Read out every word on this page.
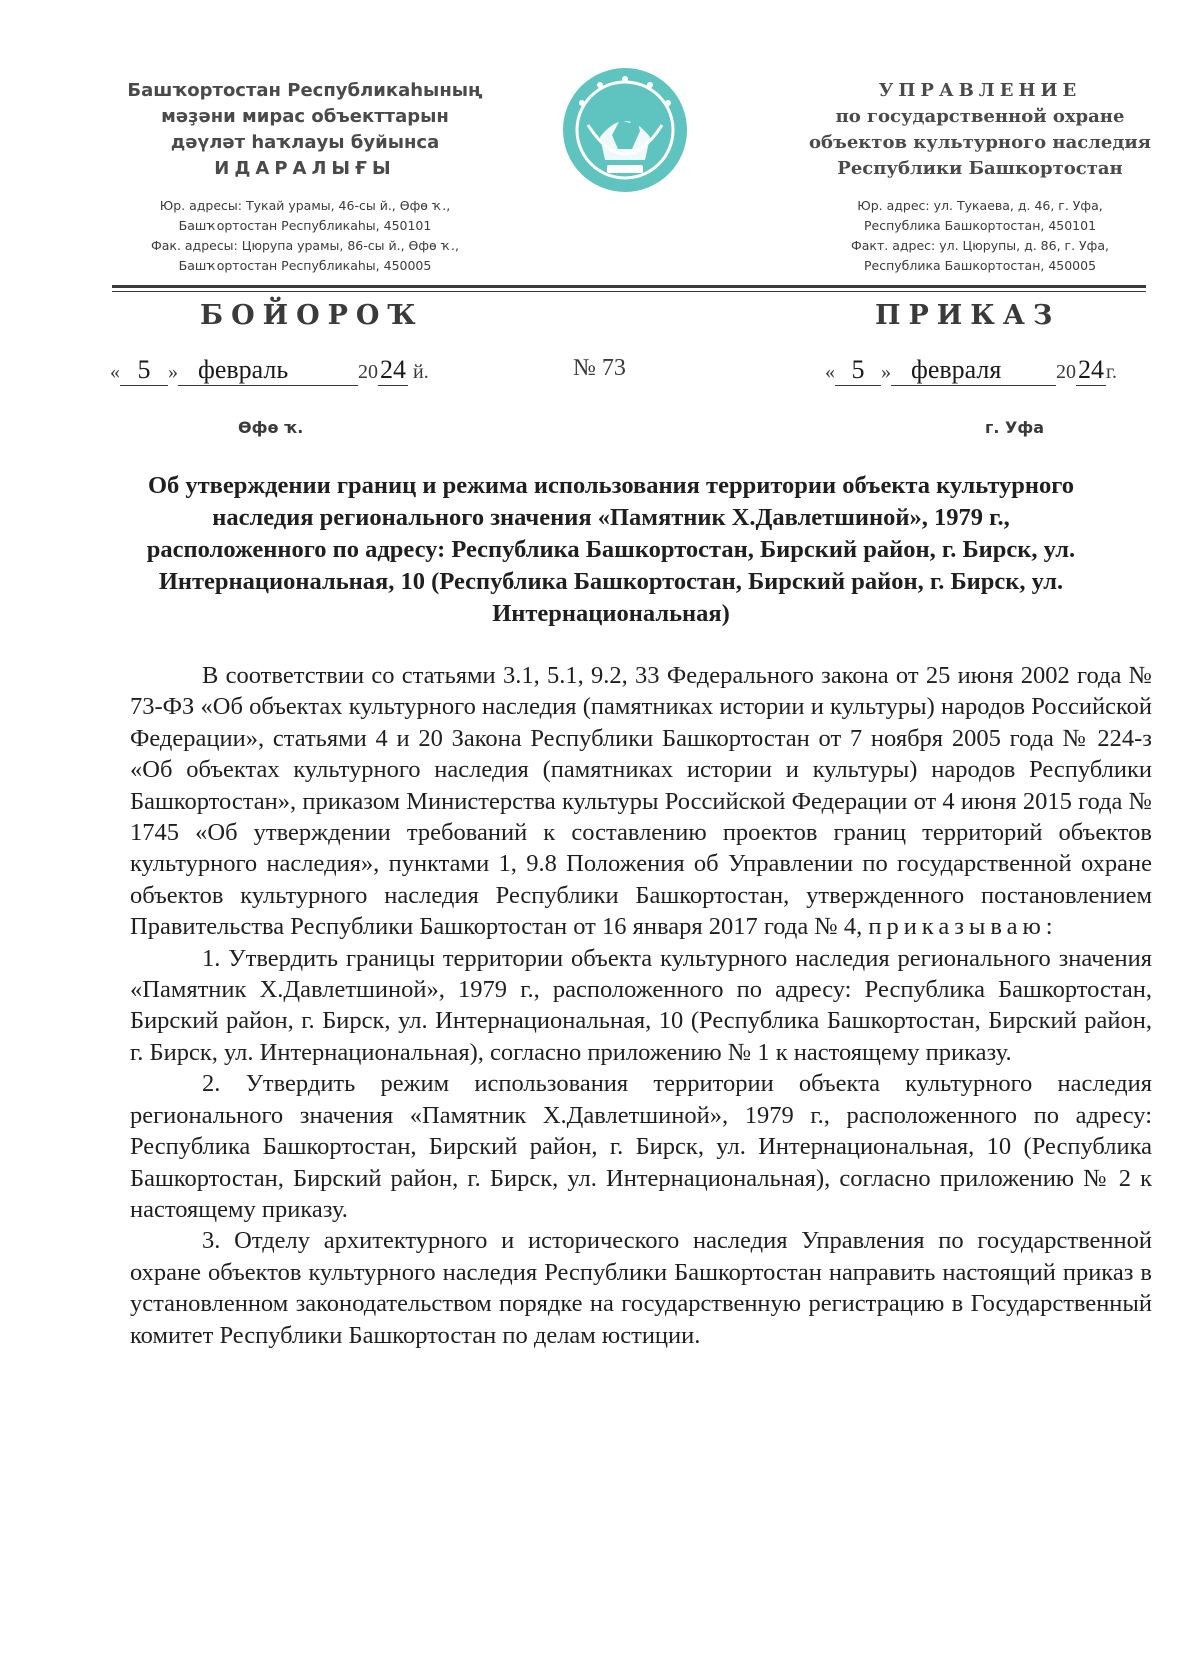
Башҡортостан Республикаһының
мәҙәни мирас объекттарын
дәүләт һаҡлауы буйынса
ИДАРАЛЫҒЫ
Юр. адресы: Тукай урамы, 46-сы й., Өфө ҡ.,
Башҡортостан Республикаһы, 450101
Фак. адресы: Цюрупа урамы, 86-сы й., Өфө ҡ.,
Башҡортостан Республикаһы, 450005
УПРАВЛЕНИЕ
по государственной охране
объектов культурного наследия
Республики Башкортостан
Юр. адрес: ул. Тукаева, д. 46, г. Уфа,
Республика Башкортостан, 450101
Факт. адрес: ул. Цюрупы, д. 86, г. Уфа,
Республика Башкортостан, 450005
БОЙОРОҠ	ПРИКАЗ
« 5 » февраль	2024 й.	№ 73	« 5 » февраля	2024 г.
Өфө ҡ.	г. Уфа
Об утверждении границ и режима использования территории объекта культурного наследия регионального значения «Памятник Х.Давлетшиной», 1979 г., расположенного по адресу: Республика Башкортостан, Бирский район, г. Бирск, ул. Интернациональная, 10 (Республика Башкортостан, Бирский район, г. Бирск, ул. Интернациональная)

В соответствии со статьями 3.1, 5.1, 9.2, 33 Федерального закона от 25 июня 2002 года № 73-ФЗ «Об объектах культурного наследия (памятниках истории и культуры) народов Российской Федерации», статьями 4 и 20 Закона Республики Башкортостан от 7 ноября 2005 года № 224-з «Об объектах культурного наследия (памятниках истории и культуры) народов Республики Башкортостан», приказом Министерства культуры Российской Федерации от 4 июня 2015 года № 1745 «Об утверждении требований к составлению проектов границ территорий объектов культурного наследия», пунктами 1, 9.8 Положения об Управлении по государственной охране объектов культурного наследия Республики Башкортостан, утвержденного постановлением Правительства Республики Башкортостан от 16 января 2017 года № 4, приказываю:

1. Утвердить границы территории объекта культурного наследия регионального значения «Памятник Х.Давлетшиной», 1979 г., расположенного по адресу: Республика Башкортостан, Бирский район, г. Бирск, ул. Интернациональная, 10 (Республика Башкортостан, Бирский район, г. Бирск, ул. Интернациональная), согласно приложению № 1 к настоящему приказу.

2. Утвердить режим использования территории объекта культурного наследия регионального значения «Памятник Х.Давлетшиной», 1979 г., расположенного по адресу: Республика Башкортостан, Бирский район, г. Бирск, ул. Интернациональная, 10 (Республика Башкортостан, Бирский район, г. Бирск, ул. Интернациональная), согласно приложению № 2 к настоящему приказу.

3. Отделу архитектурного и исторического наследия Управления по государственной охране объектов культурного наследия Республики Башкортостан направить настоящий приказ в установленном законодательством порядке на государственную регистрацию в Государственный комитет Республики Башкортостан по делам юстиции.
